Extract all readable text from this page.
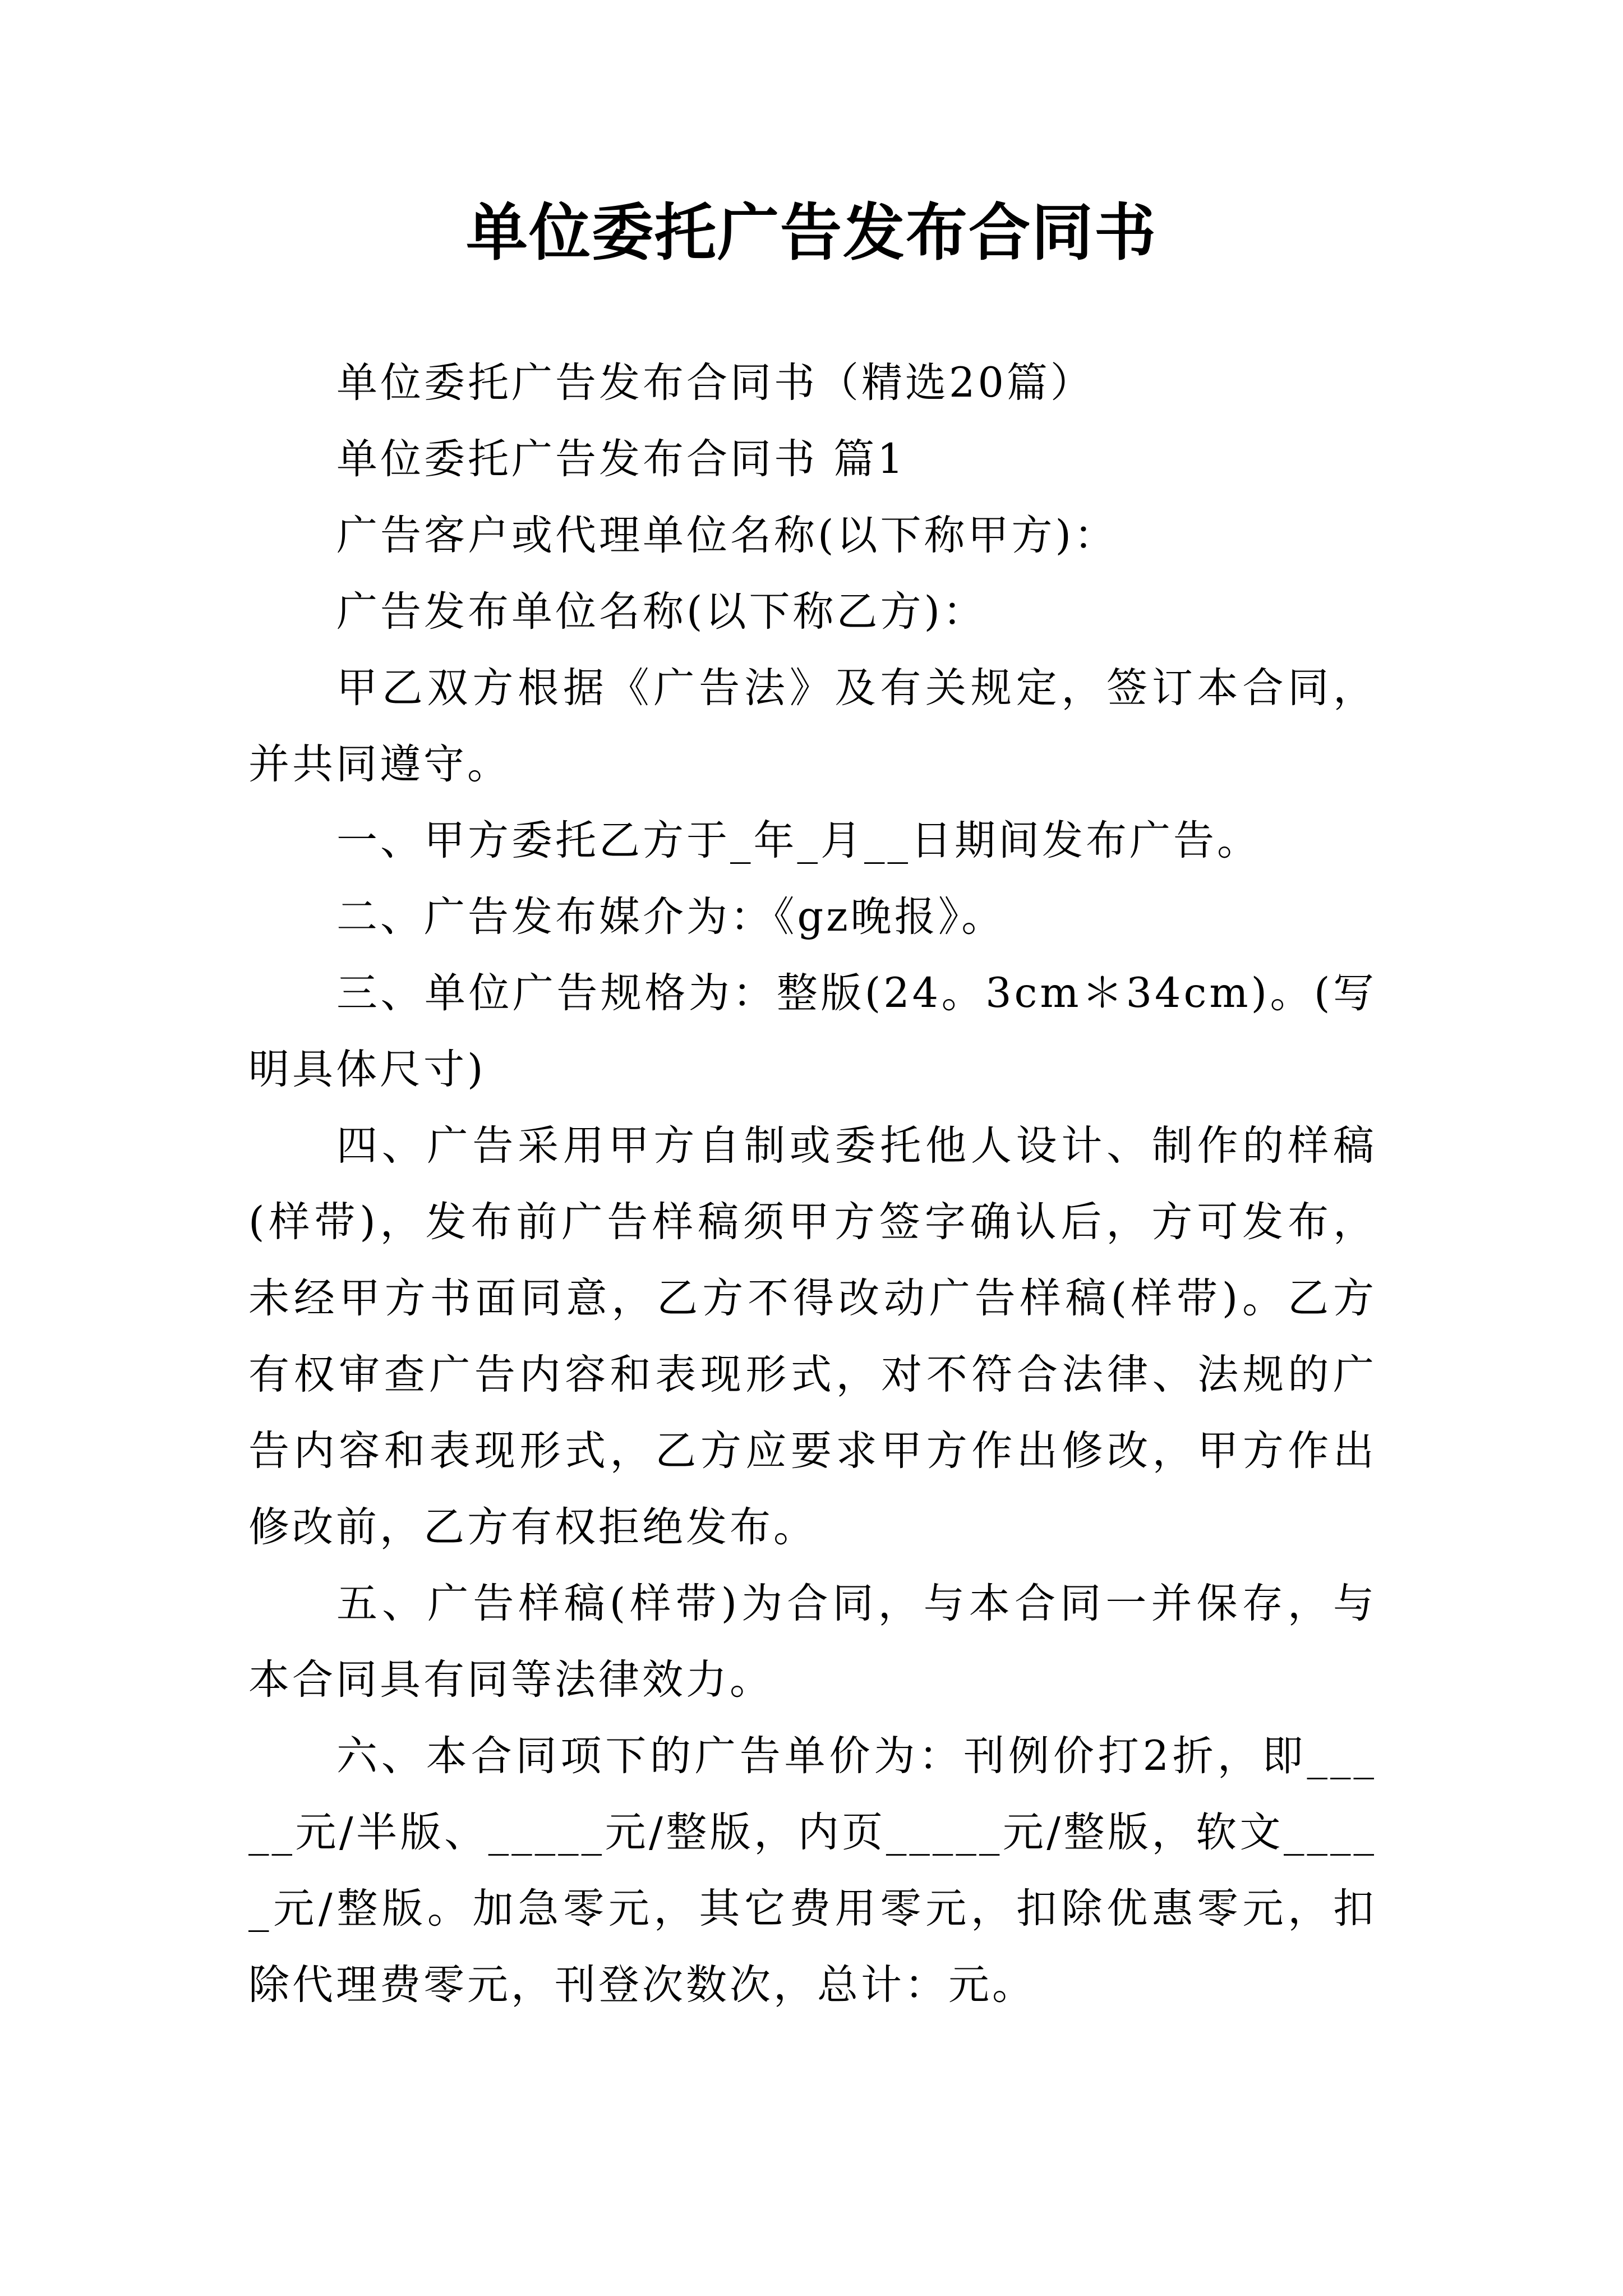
单位委托广告发布合同书

单位委托广告发布合同书（精选20篇）

单位委托广告发布合同书 篇1

广告客户或代理单位名称(以下称甲方)：

广告发布单位名称(以下称乙方)：

甲乙双方根据《广告法》及有关规定，签订本合同，并共同遵守。

一、甲方委托乙方于_年_月__日期间发布广告。

二、广告发布媒介为：《gz晚报》。

三、单位广告规格为：整版(24。3cm＊34cm)。(写明具体尺寸)

四、广告采用甲方自制或委托他人设计、制作的样稿(样带)，发布前广告样稿须甲方签字确认后，方可发布，未经甲方书面同意，乙方不得改动广告样稿(样带)。乙方有权审查广告内容和表现形式，对不符合法律、法规的广告内容和表现形式，乙方应要求甲方作出修改，甲方作出修改前，乙方有权拒绝发布。

五、广告样稿(样带)为合同，与本合同一并保存，与本合同具有同等法律效力。

六、本合同项下的广告单价为：刊例价打2折，即_____元/半版、_____元/整版，内页_____元/整版，软文_____元/整版。加急零元，其它费用零元，扣除优惠零元，扣除代理费零元，刊登次数次，总计：元。
